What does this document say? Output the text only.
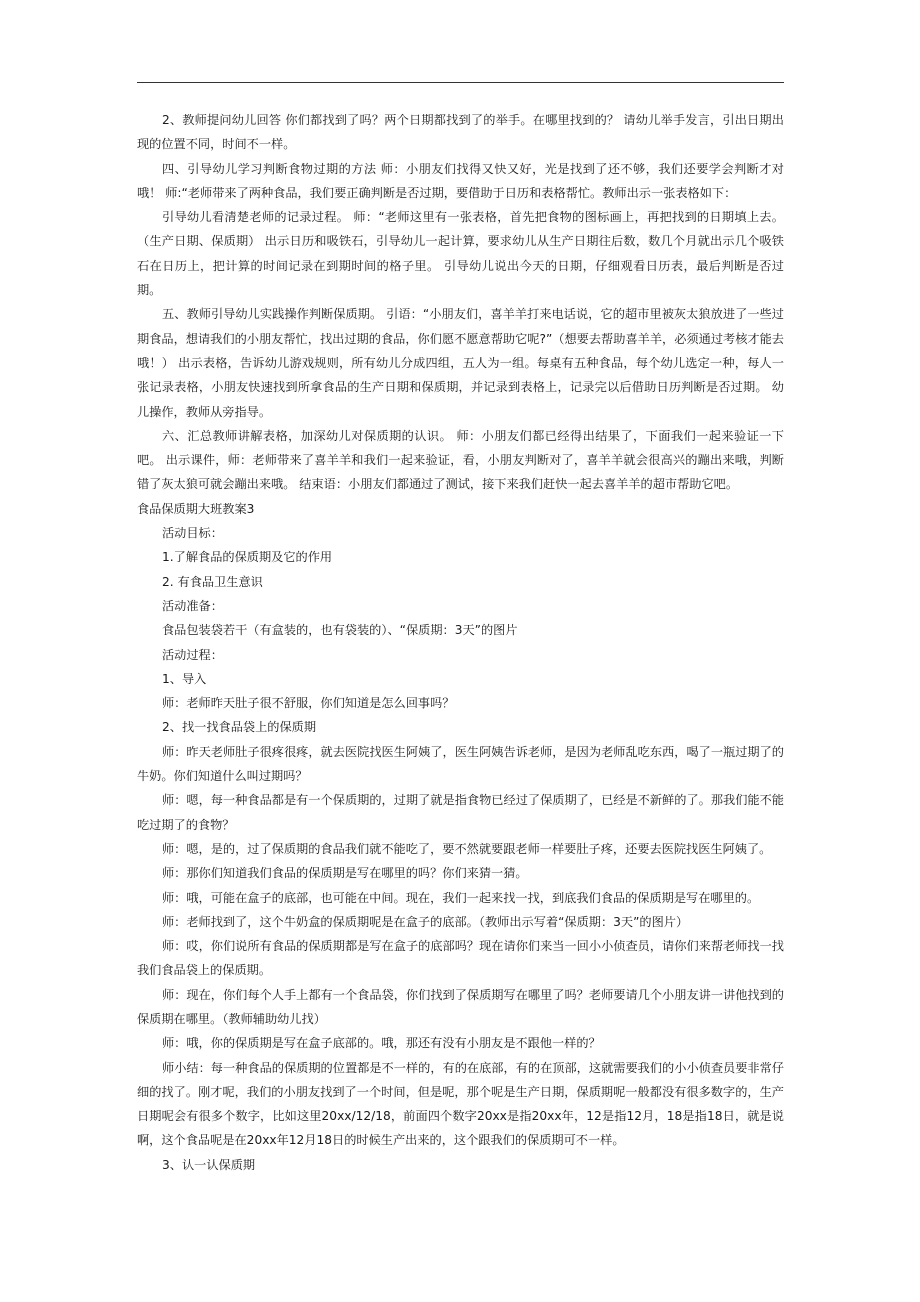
2、教师提问幼儿回答 你们都找到了吗？两个日期都找到了的举手。在哪里找到的？ 请幼儿举手发言，引出日期出现的位置不同，时间不一样。

四、引导幼儿学习判断食物过期的方法 师：小朋友们找得又快又好，光是找到了还不够，我们还要学会判断才对哦！ 师:“老师带来了两种食品，我们要正确判断是否过期，要借助于日历和表格帮忙。教师出示一张表格如下：

引导幼儿看清楚老师的记录过程。 师：“老师这里有一张表格，首先把食物的图标画上，再把找到的日期填上去。（生产日期、保质期） 出示日历和吸铁石，引导幼儿一起计算，要求幼儿从生产日期往后数，数几个月就出示几个吸铁石在日历上，把计算的时间记录在到期时间的格子里。 引导幼儿说出今天的日期，仔细观看日历表，最后判断是否过期。

五、教师引导幼儿实践操作判断保质期。 引语：“小朋友们，喜羊羊打来电话说，它的超市里被灰太狼放进了一些过期食品，想请我们的小朋友帮忙，找出过期的食品，你们愿不愿意帮助它呢?”（想要去帮助喜羊羊，必须通过考核才能去哦！） 出示表格，告诉幼儿游戏规则，所有幼儿分成四组，五人为一组。每桌有五种食品，每个幼儿选定一种，每人一张记录表格，小朋友快速找到所拿食品的生产日期和保质期，并记录到表格上，记录完以后借助日历判断是否过期。 幼儿操作，教师从旁指导。

六、汇总教师讲解表格，加深幼儿对保质期的认识。 师：小朋友们都已经得出结果了，下面我们一起来验证一下吧。 出示课件，师：老师带来了喜羊羊和我们一起来验证，看，小朋友判断对了，喜羊羊就会很高兴的蹦出来哦，判断错了灰太狼可就会蹦出来哦。 结束语：小朋友们都通过了测试，接下来我们赶快一起去喜羊羊的超市帮助它吧。

食品保质期大班教案3

活动目标：

1.了解食品的保质期及它的作用

2. 有食品卫生意识

活动准备：

食品包装袋若干（有盒装的，也有袋装的）、“保质期：3天”的图片

活动过程：

1、导入

师：老师昨天肚子很不舒服，你们知道是怎么回事吗？

2、找一找食品袋上的保质期

师：昨天老师肚子很疼很疼，就去医院找医生阿姨了，医生阿姨告诉老师，是因为老师乱吃东西，喝了一瓶过期了的牛奶。你们知道什么叫过期吗？

师：嗯，每一种食品都是有一个保质期的，过期了就是指食物已经过了保质期了，已经是不新鲜的了。那我们能不能吃过期了的食物？

师：嗯，是的，过了保质期的食品我们就不能吃了，要不然就要跟老师一样要肚子疼，还要去医院找医生阿姨了。

师：那你们知道我们食品的保质期是写在哪里的吗？你们来猜一猜。

师：哦，可能在盒子的底部，也可能在中间。现在，我们一起来找一找，到底我们食品的保质期是写在哪里的。

师：老师找到了，这个牛奶盒的保质期呢是在盒子的底部。（教师出示写着“保质期：3天”的图片）

师：哎，你们说所有食品的保质期都是写在盒子的底部吗？现在请你们来当一回小小侦查员，请你们来帮老师找一找我们食品袋上的保质期。

师：现在，你们每个人手上都有一个食品袋，你们找到了保质期写在哪里了吗？老师要请几个小朋友讲一讲他找到的保质期在哪里。（教师辅助幼儿找）

师：哦，你的保质期是写在盒子底部的。哦，那还有没有小朋友是不跟他一样的？

师小结：每一种食品的保质期的位置都是不一样的，有的在底部，有的在顶部，这就需要我们的小小侦查员要非常仔细的找了。刚才呢，我们的小朋友找到了一个时间，但是呢，那个呢是生产日期，保质期呢一般都没有很多数字的，生产日期呢会有很多个数字，比如这里20xx/12/18，前面四个数字20xx是指20xx年，12是指12月，18是指18日，就是说啊，这个食品呢是在20xx年12月18日的时候生产出来的，这个跟我们的保质期可不一样。

3、认一认保质期
